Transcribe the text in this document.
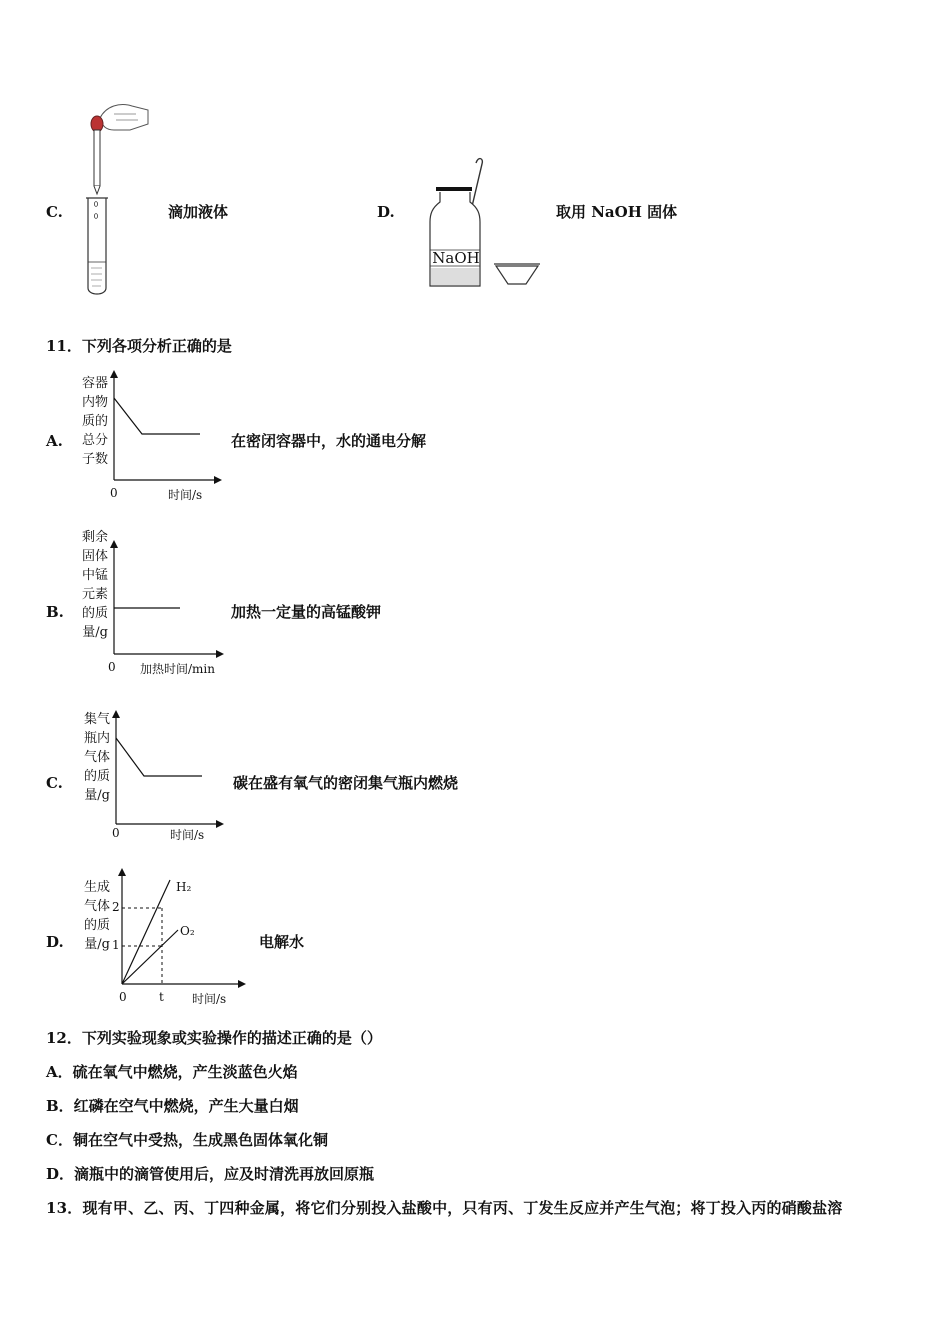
C.	滴加液体	D.
NaOH
取用 NaOH 固体
11．下列各项分析正确的是
A.
容器
内物
质的
总分
子数
0	时间/s
在密闭容器中，水的通电分解
B.
剩余
固体
中锰
元素
的质
量/g
0 加热时间/min
加热一定量的高锰酸钾
C.
集气
瓶内
气体
的质
量/g
0	时间/s
碳在盛有氧气的密闭集气瓶内燃烧
D.
生成
气体
的质
量/g
2
1
H₂
O₂
0	t 时间/s
电解水
12．下列实验现象或实验操作的描述正确的是（）
A．硫在氧气中燃烧，产生淡蓝色火焰
B．红磷在空气中燃烧，产生大量白烟
C．铜在空气中受热，生成黑色固体氧化铜
D．滴瓶中的滴管使用后，应及时清洗再放回原瓶
13．现有甲、乙、丙、丁四种金属，将它们分别投入盐酸中，只有丙、丁发生反应并产生气泡；将丁投入丙的硝酸盐溶
